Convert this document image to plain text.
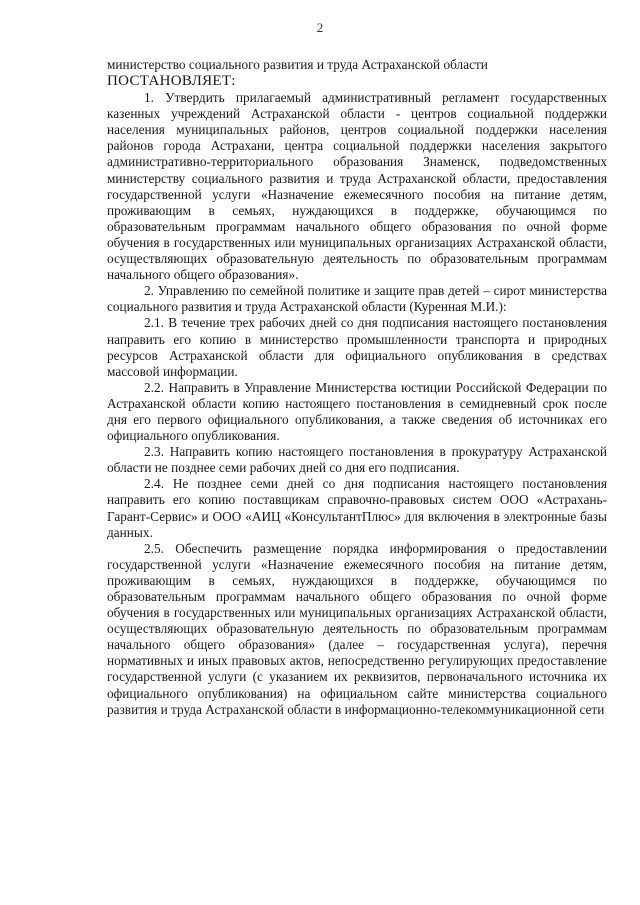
2

министерство социального развития и труда Астраханской области

ПОСТАНОВЛЯЕТ:

1. Утвердить прилагаемый административный регламент государственных казенных учреждений Астраханской области - центров социальной поддержки населения муниципальных районов, центров социальной поддержки населения районов города Астрахани, центра социальной поддержки населения закрытого административно-территориального образования Знаменск, подведомственных министерству социального развития и труда Астраханской области, предоставления государственной услуги «Назначение ежемесячного пособия на питание детям, проживающим в семьях, нуждающихся в поддержке, обучающимся по образовательным программам начального общего образования по очной форме обучения в государственных или муниципальных организациях Астраханской области, осуществляющих образовательную деятельность по образовательным программам начального общего образования».

2. Управлению по семейной политике и защите прав детей – сирот министерства социального развития и труда Астраханской области (Куренная М.И.):

2.1. В течение трех рабочих дней со дня подписания настоящего постановления направить его копию в министерство промышленности транспорта и природных ресурсов Астраханской области для официального опубликования в средствах массовой информации.

2.2. Направить в Управление Министерства юстиции Российской Федерации по Астраханской области копию настоящего постановления в семидневный срок после дня его первого официального опубликования, а также сведения об источниках его официального опубликования.

2.3. Направить копию настоящего постановления в прокуратуру Астраханской области не позднее семи рабочих дней со дня его подписания.

2.4. Не позднее семи дней со дня подписания настоящего постановления направить его копию поставщикам справочно-правовых систем ООО «Астрахань-Гарант-Сервис» и ООО «АИЦ «КонсультантПлюс» для включения в электронные базы данных.

2.5. Обеспечить размещение порядка информирования о предоставлении государственной услуги «Назначение ежемесячного пособия на питание детям, проживающим в семьях, нуждающихся в поддержке, обучающимся по образовательным программам начального общего образования по очной форме обучения в государственных или муниципальных организациях Астраханской области, осуществляющих образовательную деятельность по образовательным программам начального общего образования» (далее – государственная услуга), перечня нормативных и иных правовых актов, непосредственно регулирующих предоставление государственной услуги (с указанием их реквизитов, первоначального источника их официального опубликования) на официальном сайте министерства социального развития и труда Астраханской области в информационно-телекоммуникационной сети
